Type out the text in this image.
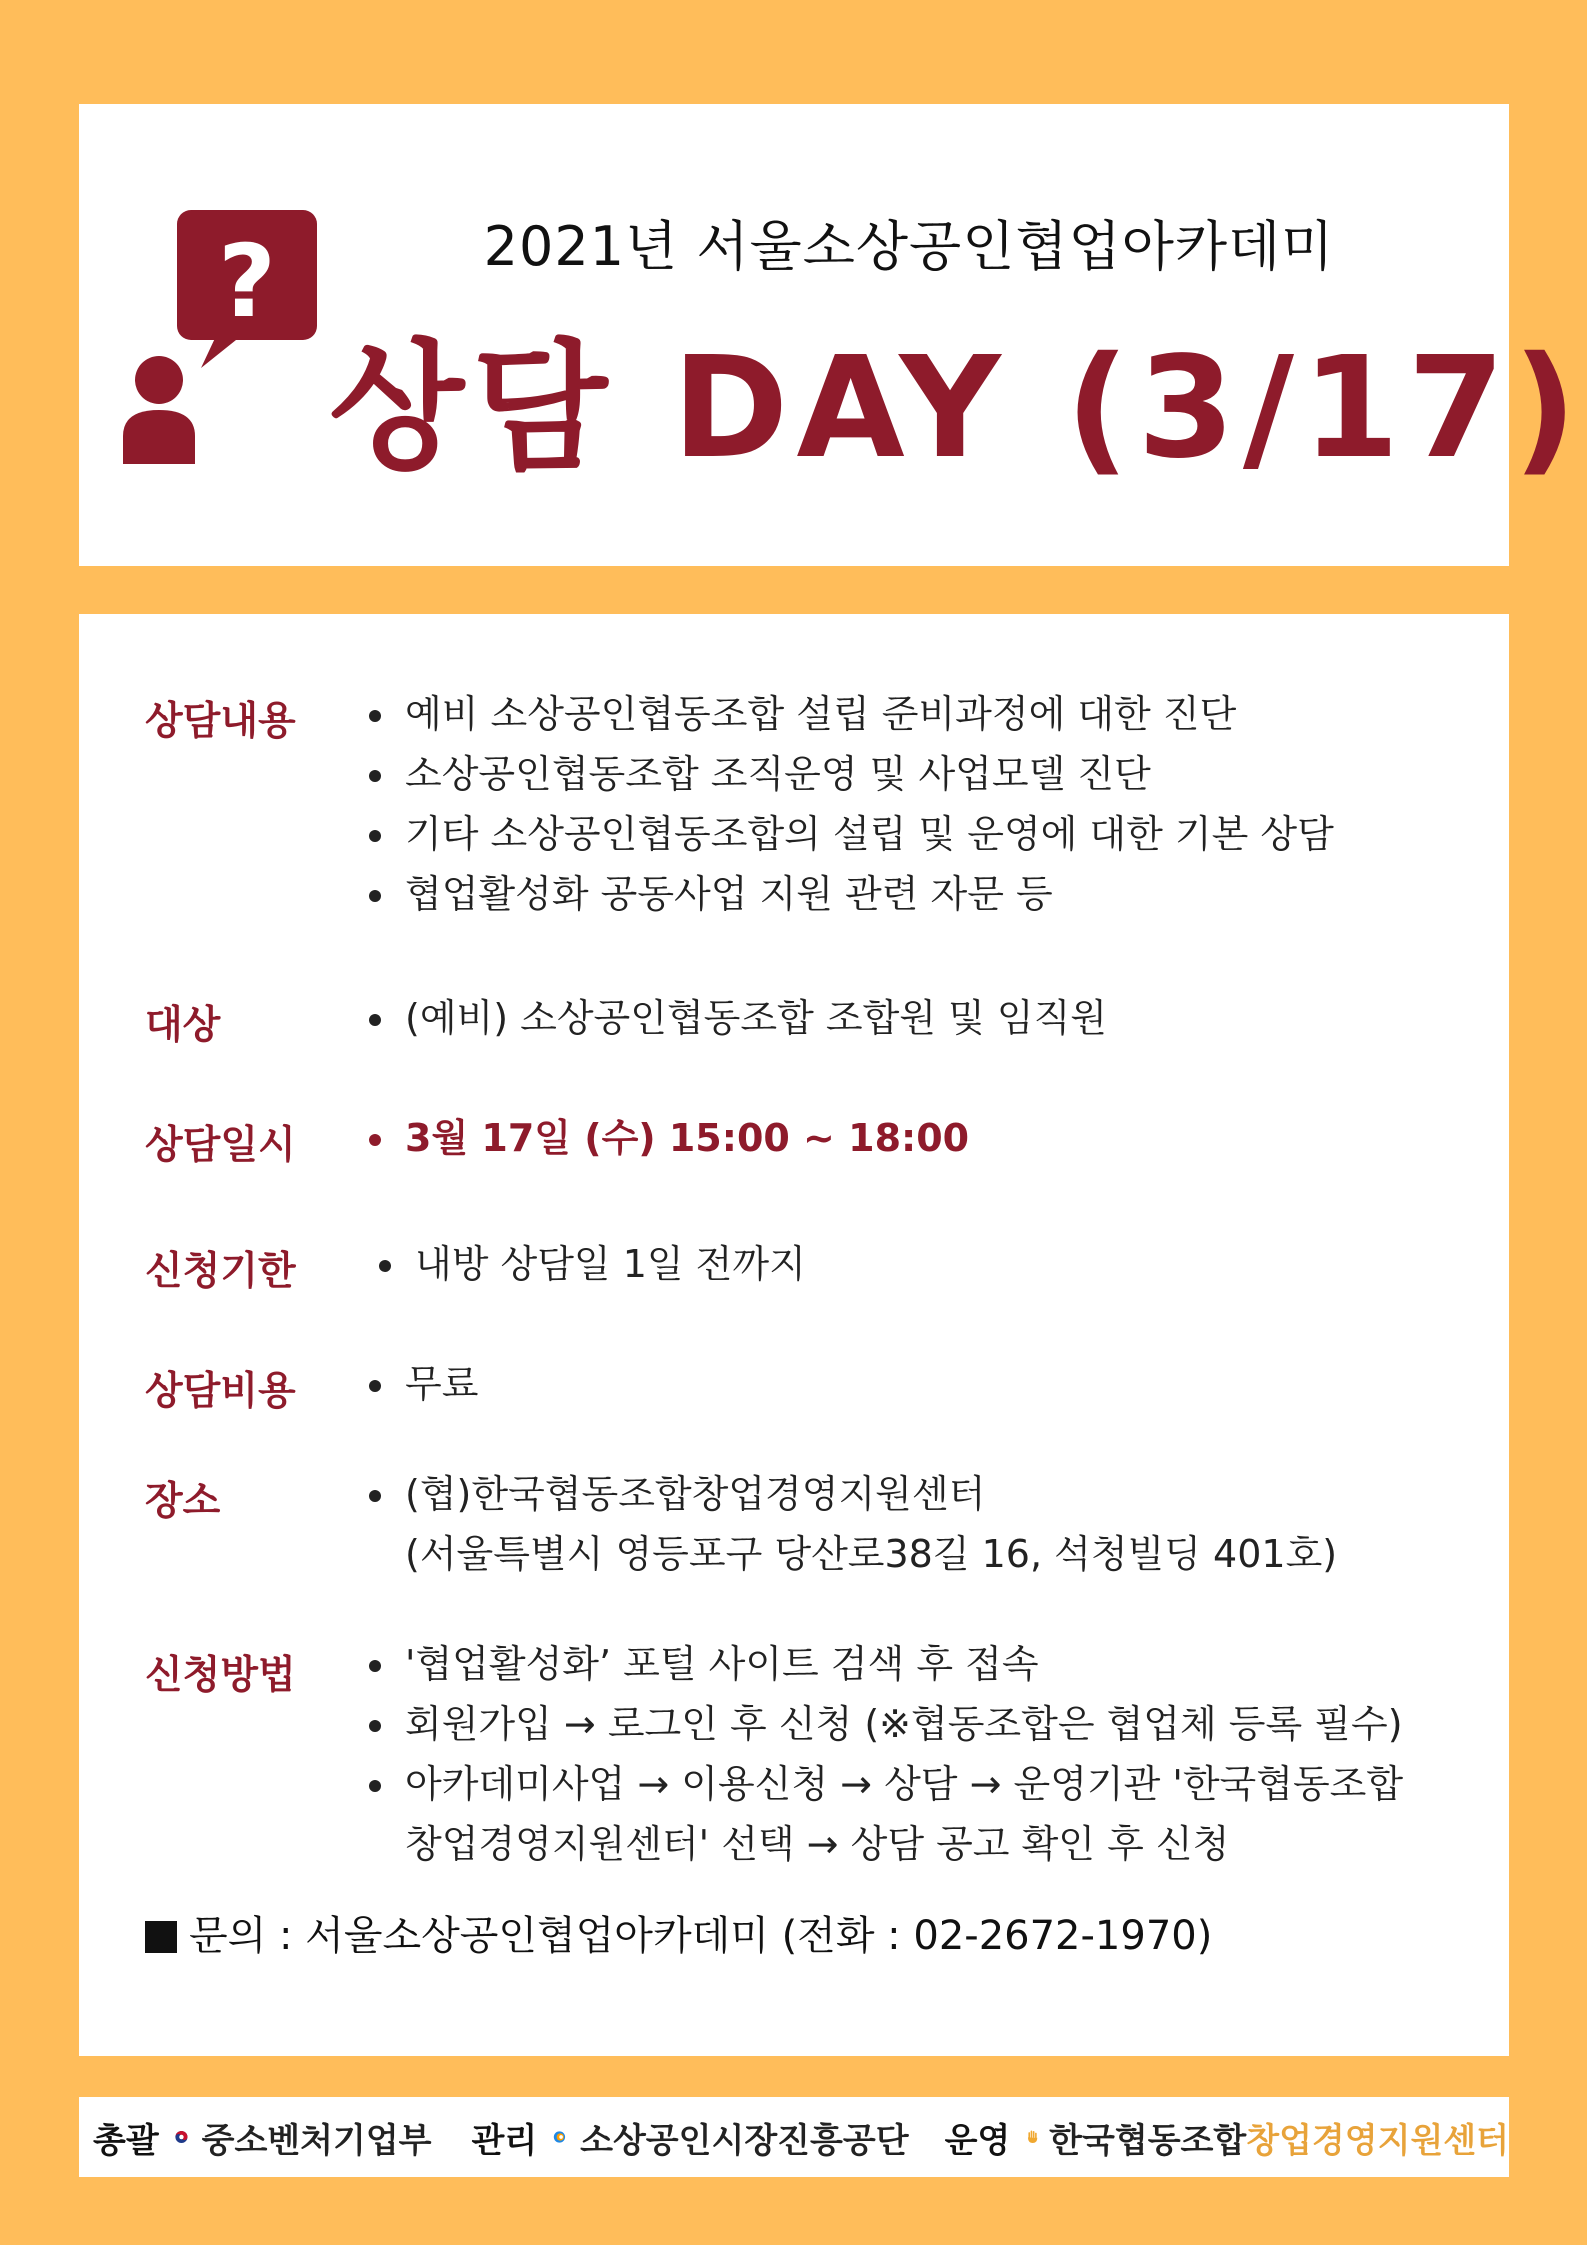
?	2021년 서울소상공인협업아카데미
상담 DAY (3/17)
상담내용	예비 소상공인협동조합 설립 준비과정에 대한 진단
소상공인협동조합 조직운영 및 사업모델 진단
기타 소상공인협동조합의 설립 및 운영에 대한 기본 상담
협업활성화 공동사업 지원 관련 자문 등
대상	(예비) 소상공인협동조합 조합원 및 임직원
상담일시	3월 17일 (수) 15:00 ~ 18:00
신청기한	내방 상담일 1일 전까지
상담비용	무료
장소	(협)한국협동조합창업경영지원센터
(서울특별시 영등포구 당산로38길 16, 석청빌딩 401호)
신청방법	'협업활성화’ 포털 사이트 검색 후 접속
회원가입 → 로그인 후 신청 (※협동조합은 협업체 등록 필수)
아카데미사업 → 이용신청 → 상담 → 운영기관 '한국협동조합
창업경영지원센터' 선택 → 상담 공고 확인 후 신청
문의 : 서울소상공인협업아카데미 (전화 : 02-2672-1970)
총괄 중소벤처기업부 관리 소상공인시장진흥공단 운영 한국협동조합 창업경영지원센터
